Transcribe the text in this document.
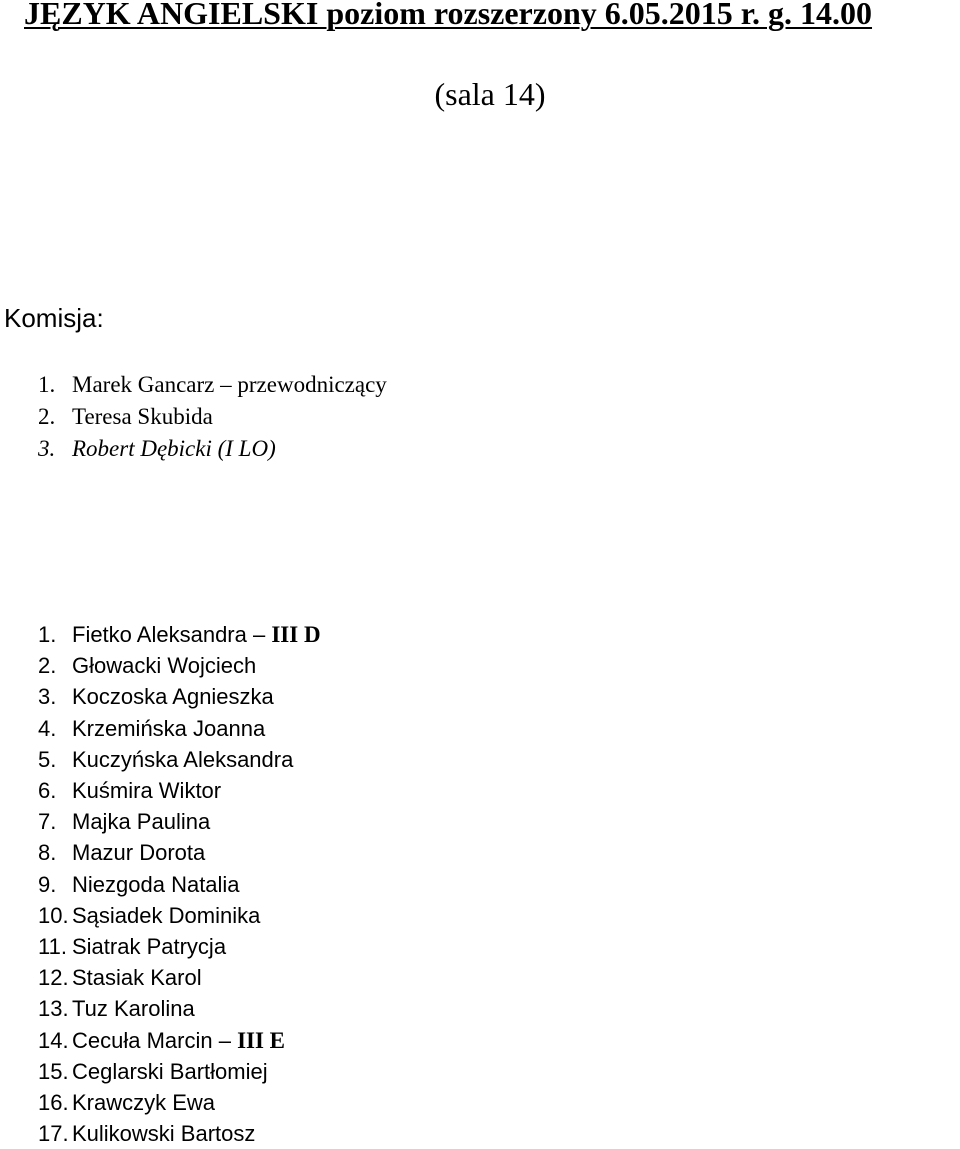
JĘZYK ANGIELSKI poziom rozszerzony 6.05.2015 r. g. 14.00
(sala 14)
Komisja:
1. Marek Gancarz – przewodniczący
2. Teresa Skubida
3. Robert Dębicki (I LO)
1. Fietko Aleksandra – III D
2. Głowacki Wojciech
3. Koczoska Agnieszka
4. Krzemińska Joanna
5. Kuczyńska Aleksandra
6. Kuśmira Wiktor
7. Majka Paulina
8. Mazur Dorota
9. Niezgoda Natalia
10. Sąsiadek Dominika
11. Siatrak Patrycja
12. Stasiak Karol
13. Tuz Karolina
14. Cecuła Marcin – III E
15. Ceglarski Bartłomiej
16. Krawczyk Ewa
17. Kulikowski Bartosz
